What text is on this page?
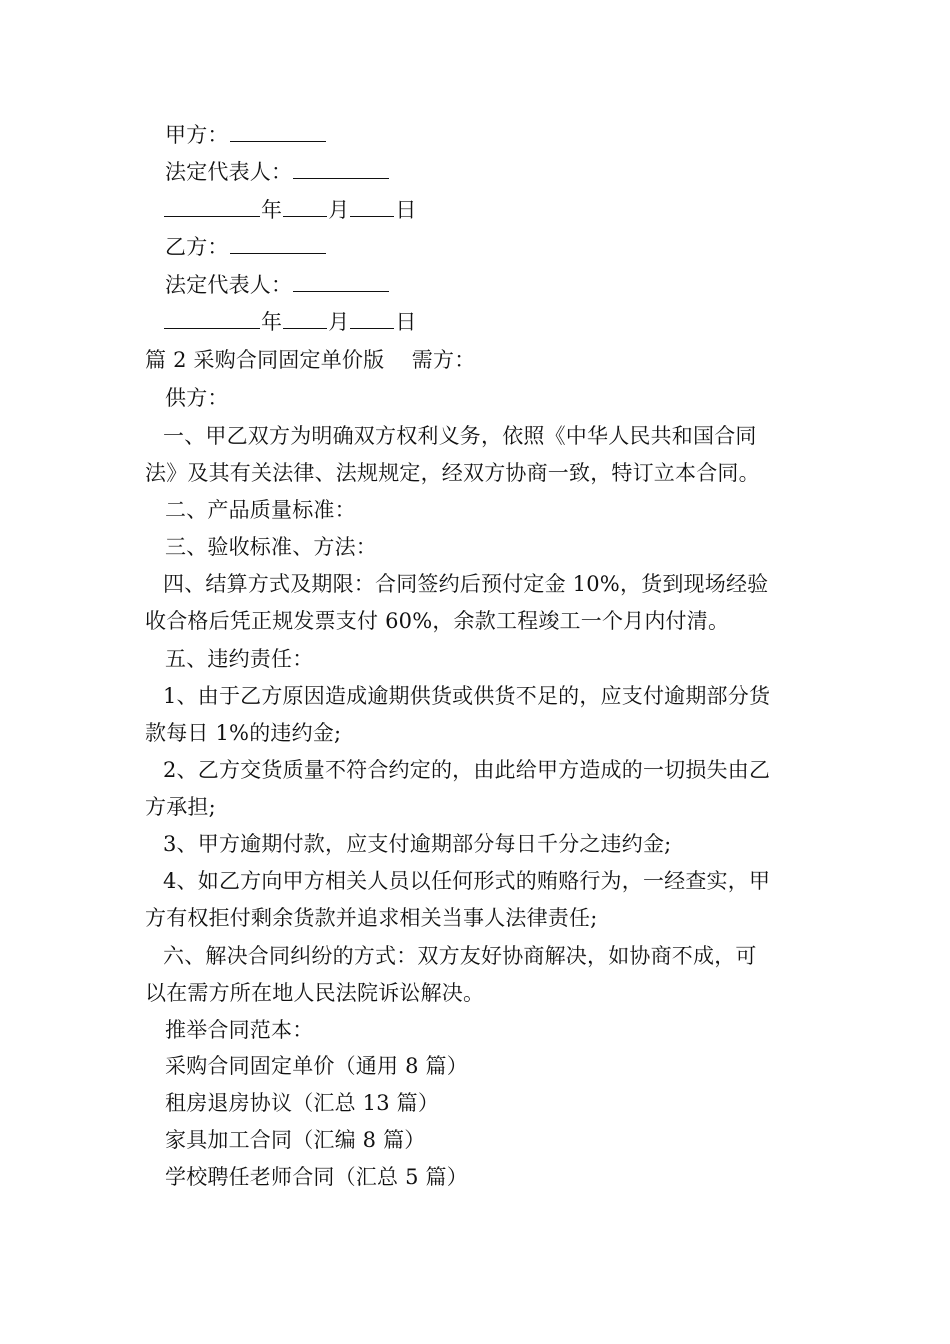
甲方：
法定代表人：
年 月 日
乙方：
法定代表人：
年 月 日
篇 2 采购合同固定单价版    需方：
供方：
一、甲乙双方为明确双方权利义务，依照《中华人民共和国合同
法》及其有关法律、法规规定，经双方协商一致，特订立本合同。
二、产品质量标准：
三、验收标准、方法：
四、结算方式及期限：合同签约后预付定金 10%，货到现场经验
收合格后凭正规发票支付 60%，余款工程竣工一个月内付清。
五、违约责任：
1、由于乙方原因造成逾期供货或供货不足的，应支付逾期部分货
款每日 1%的违约金;
2、乙方交货质量不符合约定的，由此给甲方造成的一切损失由乙
方承担;
3、甲方逾期付款，应支付逾期部分每日千分之违约金;
4、如乙方向甲方相关人员以任何形式的贿赂行为，一经查实，甲
方有权拒付剩余货款并追求相关当事人法律责任;
六、解决合同纠纷的方式：双方友好协商解决，如协商不成，可
以在需方所在地人民法院诉讼解决。
推举合同范本：
采购合同固定单价（通用 8 篇）
租房退房协议（汇总 13 篇）
家具加工合同（汇编 8 篇）
学校聘任老师合同（汇总 5 篇）
